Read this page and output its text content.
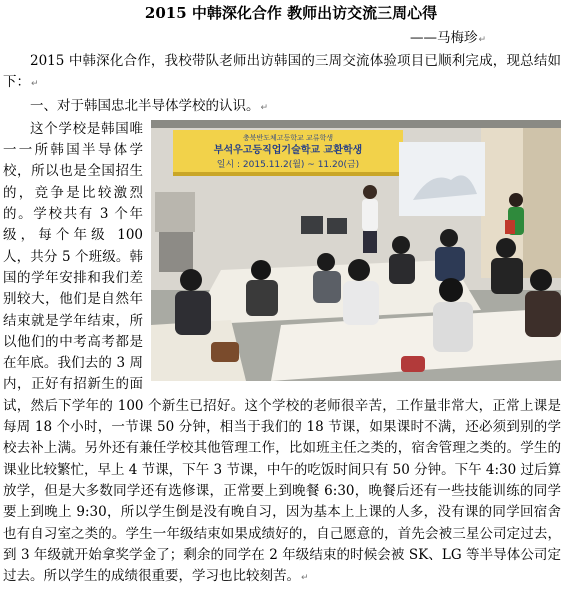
2015 中韩深化合作 教师出访交流三周心得
——马梅珍↵

2015 中韩深化合作，我校带队老师出访韩国的三周交流体验项目已顺利完成，现总结如下：↵

一、对于韩国忠北半导体学校的认识。↵

충북반도체고등학교 교류학생
부석우고등직업기술학교 교환학생
일시 : 2015.11.2(월) ~ 11.20(금)

这个学校是韩国唯一一所韩国半导体学校，所以也是全国招生的，竞争是比较激烈的。学校共有 3 个年级，每个年级 100 人，共分 5 个班级。韩国的学年安排和我们差别较大，他们是自然年结束就是学年结束，所以他们的中考高考都是在年底。我们去的 3 周内，正好有招新生的面试，然后下学年的 100 个新生已招好。这个学校的老师很辛苦，工作量非常大，正常上课是每周 18 个小时，一节课 50 分钟，相当于我们的 18 节课，如果课时不满，还必须到别的学校去补上满。另外还有兼任学校其他管理工作，比如班主任之类的，宿舍管理之类的。学生的课业比较繁忙，早上 4 节课，下午 3 节课，中午的吃饭时间只有 50 分钟。下午 4:30 过后算放学，但是大多数同学还有选修课，正常要上到晚餐 6:30，晚餐后还有一些技能训练的同学要上到晚上 9:30，所以学生倒是没有晚自习，因为基本上上课的人多，没有课的同学回宿舍也有自习室之类的。学生一年级结束如果成绩好的，自己愿意的，首先会被三星公司定过去，到 3 年级就开始拿奖学金了；剩余的同学在 2 年级结束的时候会被 SK、LG 等半导体公司定过去。所以学生的成绩很重要，学习也比较刻苦。↵
